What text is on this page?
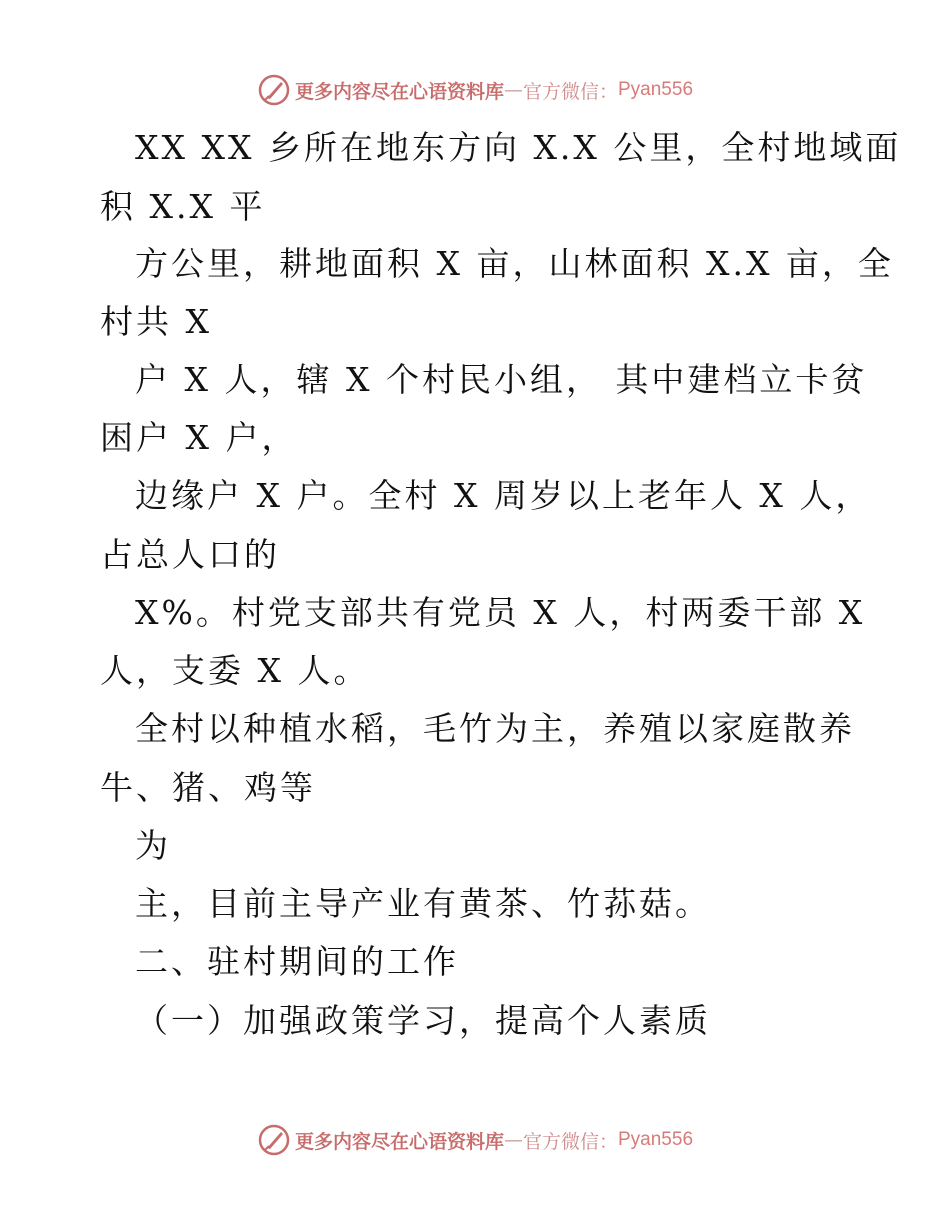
更多内容尽在心语资料库 — 官方微信： Pyan556
XX XX 乡所在地东方向 X.X 公里，全村地域面
积 X.X 平
方公里，耕地面积 X 亩，山林面积 X.X 亩，全
村共 X
户 X 人，辖 X 个村民小组， 其中建档立卡贫
困户 X 户，
边缘户 X 户。全村 X 周岁以上老年人 X 人，
占总人口的
X%。村党支部共有党员 X 人，村两委干部 X
人，支委 X 人。
全村以种植水稻，毛竹为主，养殖以家庭散养
牛、猪、鸡等
为
主，目前主导产业有黄茶、竹荪菇。
二、驻村期间的工作
（一）加强政策学习，提高个人素质
更多内容尽在心语资料库 — 官方微信： Pyan556
